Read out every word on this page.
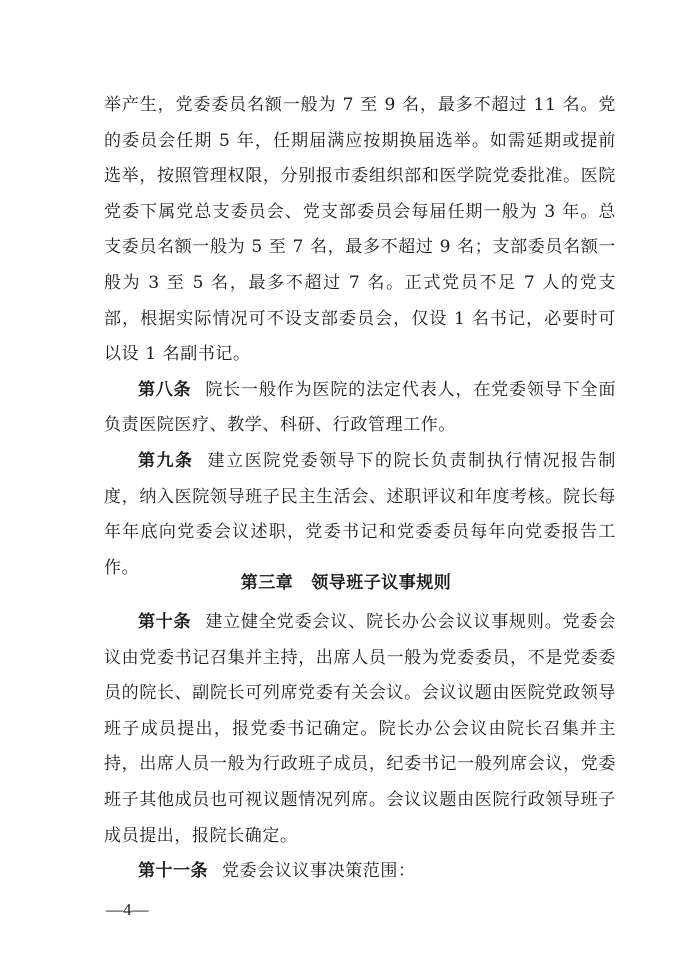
举产生，党委委员名额一般为 7 至 9 名，最多不超过 11 名。党的委员会任期 5 年，任期届满应按期换届选举。如需延期或提前选举，按照管理权限，分别报市委组织部和医学院党委批准。医院党委下属党总支委员会、党支部委员会每届任期一般为 3 年。总支委员名额一般为 5 至 7 名，最多不超过 9 名；支部委员名额一般为 3 至 5 名，最多不超过 7 名。正式党员不足 7 人的党支部，根据实际情况可不设支部委员会，仅设 1 名书记，必要时可以设 1 名副书记。

第八条 院长一般作为医院的法定代表人，在党委领导下全面负责医院医疗、教学、科研、行政管理工作。

第九条 建立医院党委领导下的院长负责制执行情况报告制度，纳入医院领导班子民主生活会、述职评议和年度考核。院长每年年底向党委会议述职，党委书记和党委委员每年向党委报告工作。

第三章 领导班子议事规则

第十条 建立健全党委会议、院长办公会议议事规则。党委会议由党委书记召集并主持，出席人员一般为党委委员，不是党委委员的院长、副院长可列席党委有关会议。会议议题由医院党政领导班子成员提出，报党委书记确定。院长办公会议由院长召集并主持，出席人员一般为行政班子成员，纪委书记一般列席会议，党委班子其他成员也可视议题情况列席。会议议题由医院行政领导班子成员提出，报院长确定。

第十一条 党委会议议事决策范围：

—4—
